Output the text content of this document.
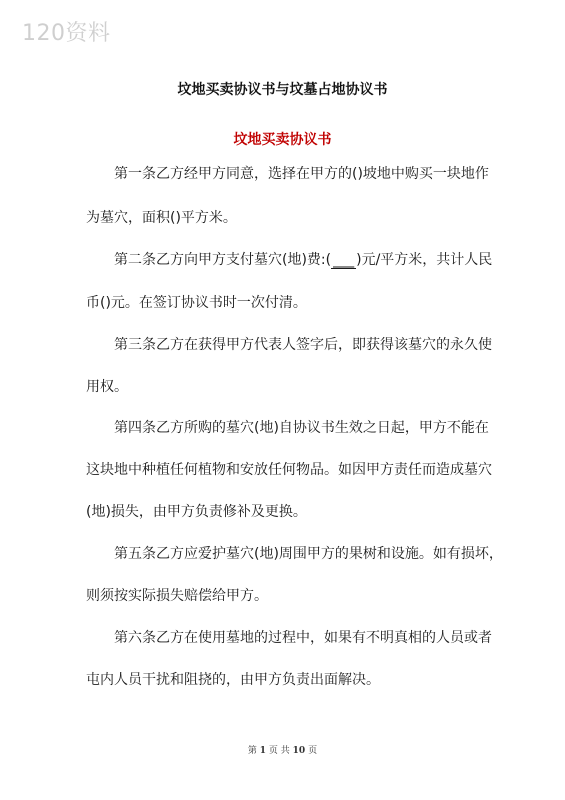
120资料
坟地买卖协议书与坟墓占地协议书
坟地买卖协议书
第一条乙方经甲方同意，选择在甲方的()坡地中购买一块地作
为墓穴，面积()平方米。
第二条乙方向甲方支付墓穴(地)费:( ___ )元/平方米，共计人民
币()元。在签订协议书时一次付清。
第三条乙方在获得甲方代表人签字后，即获得该墓穴的永久使
用权。
第四条乙方所购的墓穴(地)自协议书生效之日起，甲方不能在
这块地中种植任何植物和安放任何物品。如因甲方责任而造成墓穴
(地)损失，由甲方负责修补及更换。
第五条乙方应爱护墓穴(地)周围甲方的果树和设施。如有损坏，
则须按实际损失赔偿给甲方。
第六条乙方在使用墓地的过程中，如果有不明真相的人员或者
屯内人员干扰和阻挠的，由甲方负责出面解决。
第 1 页 共 10 页
